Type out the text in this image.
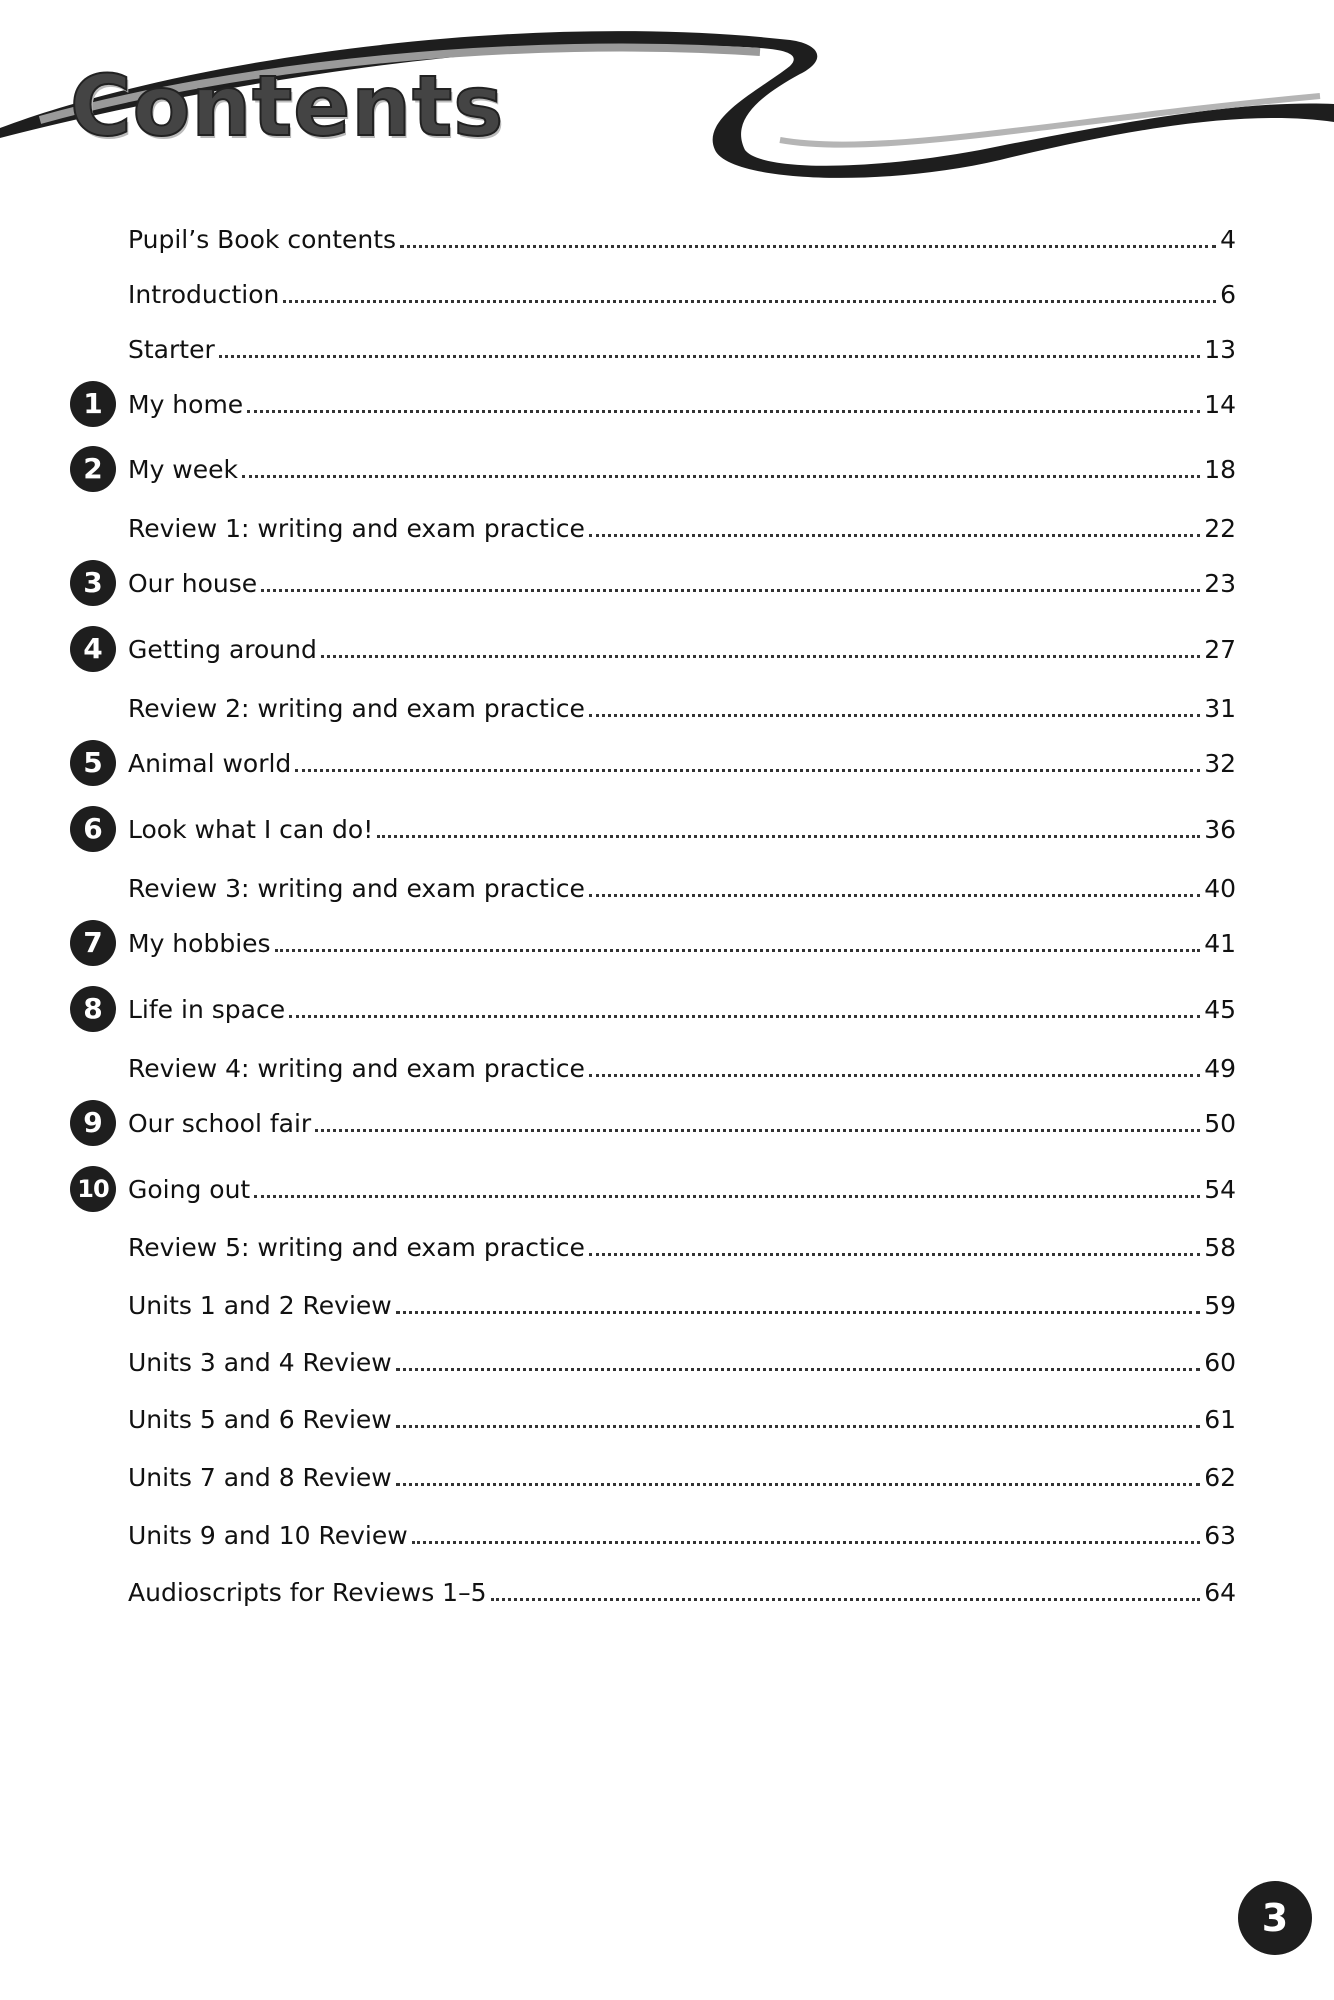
Contents
Pupil’s Book contents	4
Introduction	6
Starter	13
1	My home	14
2	My week	18
Review 1: writing and exam practice	22
3	Our house	23
4	Getting around	27
Review 2: writing and exam practice	31
5	Animal world	32
6	Look what I can do!	36
Review 3: writing and exam practice	40
7	My hobbies	41
8	Life in space	45
Review 4: writing and exam practice	49
9	Our school fair	50
10 Going out	54
Review 5: writing and exam practice	58
Units 1 and 2 Review	59
Units 3 and 4 Review	60
Units 5 and 6 Review	61
Units 7 and 8 Review	62
Units 9 and 10 Review	63
Audioscripts for Reviews 1–5	64
3
